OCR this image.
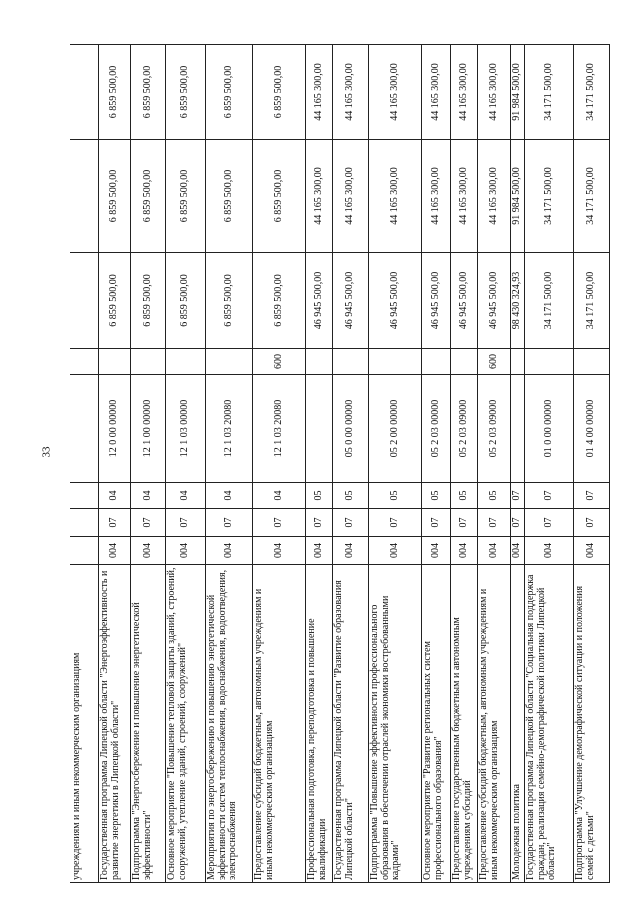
33
учреждениям и иным некоммерческим организациям	Государственная программа Липецкой области "Энергоэффективность и развитие энергетики в Липецкой области"
004
07
04
12 0 00 00000
6 859 500,00
6 859 500,00
6 859 500,00
Подпрограмма "Энергосбережение и повышение энергетической эффективности"
004
07
04
12 1 00 00000
6 859 500,00
6 859 500,00
6 859 500,00
Основное мероприятие "Повышение тепловой защиты зданий, строений, сооружений, утепление зданий, строений, сооружений"
004
07
04
12 1 03 00000
6 859 500,00
6 859 500,00
6 859 500,00
Мероприятия по энергосбережению и повышению энергетической эффективности систем теплоснабжения, водоснабжения, водоотведения, электроснабжения
004
07
04
12 1 03 20080
6 859 500,00
6 859 500,00
6 859 500,00
Предоставление субсидий бюджетным, автономным учреждениям и иным некоммерческим организациям
004
07
04
12 1 03 20080
600
6 859 500,00
6 859 500,00
6 859 500,00
Профессиональная подготовка, переподготовка и повышение квалификации
004
07
05
46 945 500,00
44 165 300,00
44 165 300,00
Государственная программа Липецкой области "Развитие образования Липецкой области"
004
07
05
05 0 00 00000
46 945 500,00
44 165 300,00
44 165 300,00
Подпрограмма "Повышение эффективности профессионального образования в обеспечении отраслей экономики востребованными кадрами"
004
07
05
05 2 00 00000
46 945 500,00
44 165 300,00
44 165 300,00
Основное мероприятие "Развитие региональных систем профессионального образования"
004
07
05
05 2 03 00000
46 945 500,00
44 165 300,00
44 165 300,00
Предоставление государственным бюджетным и автономным учреждениям субсидий
004
07
05
05 2 03 09000
46 945 500,00
44 165 300,00
44 165 300,00
Предоставление субсидий бюджетным, автономным учреждениям и иным некоммерческим организациям
004
07
05
05 2 03 09000
600
46 945 500,00
44 165 300,00
44 165 300,00
Молодежная политика
004
07
07
98 430 324,93
91 984 500,00
91 984 500,00
Государственная программа Липецкой области "Социальная поддержка граждан, реализация семейно-демографической политики Липецкой области"
004
07
07
01 0 00 00000
34 171 500,00
34 171 500,00
34 171 500,00
Подпрограмма "Улучшение демографической ситуации и положения семей с детьми"
004
07
07
01 4 00 00000
34 171 500,00
34 171 500,00
34 171 500,00
